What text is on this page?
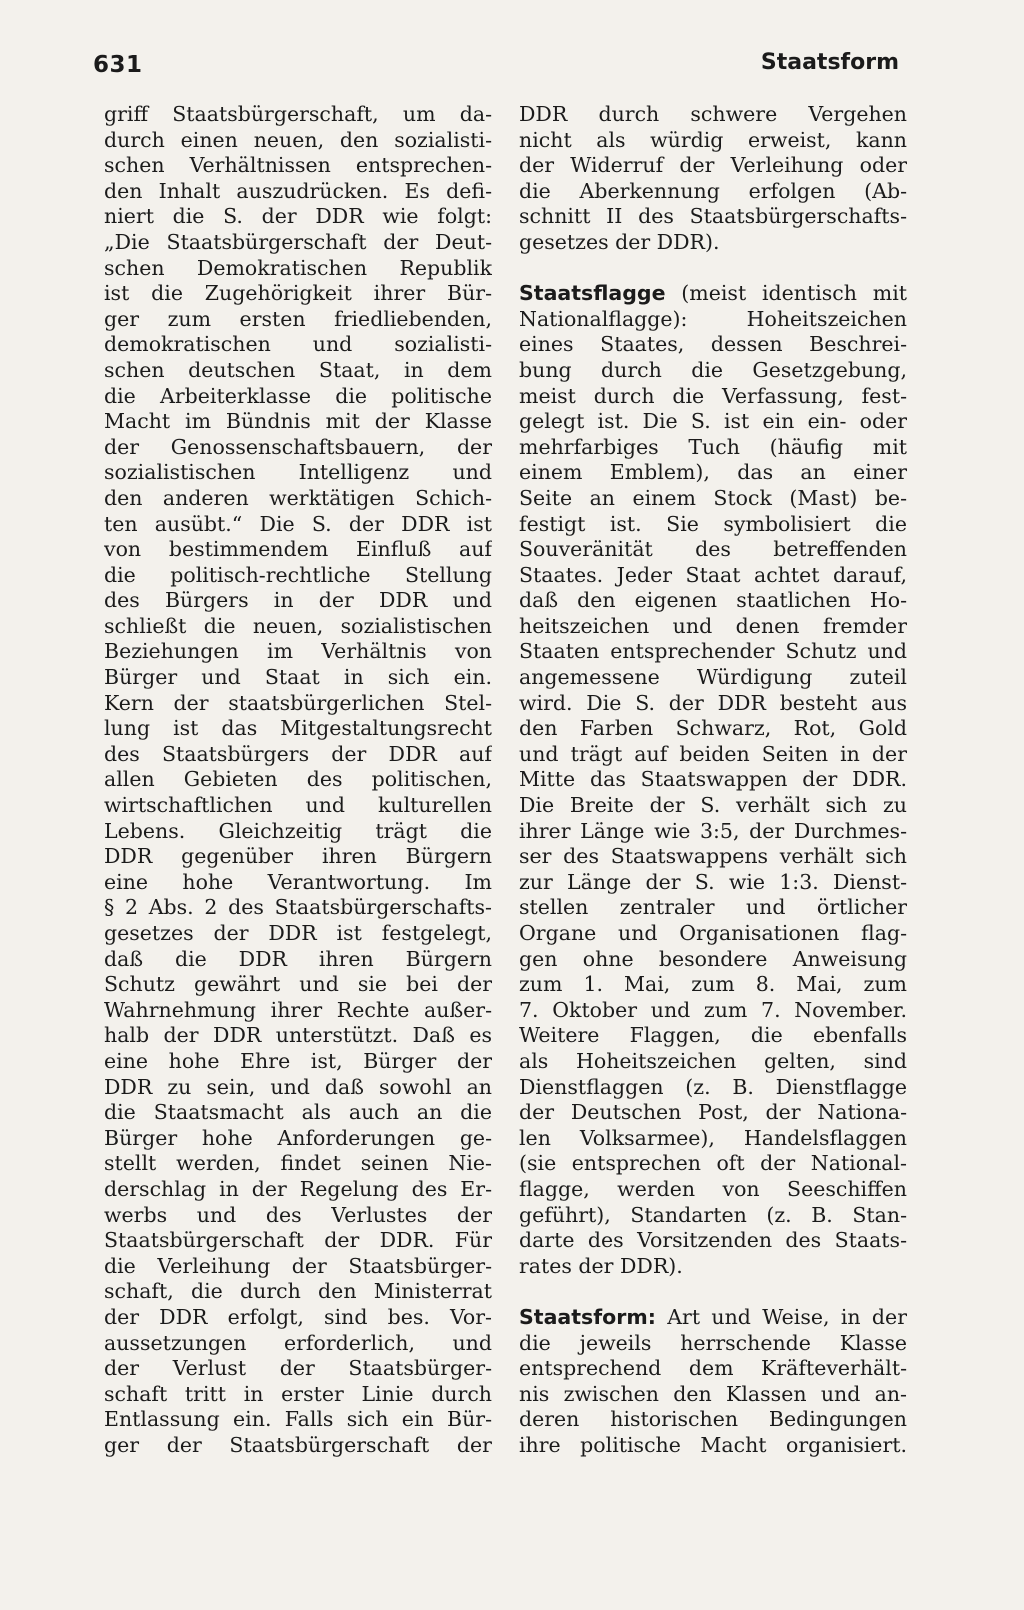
631	Staatsform
griff Staatsbürgerschaft, um da-
durch einen neuen, den sozialisti-
schen Verhältnissen entsprechen-
den Inhalt auszudrücken. Es defi-
niert die S. der DDR wie folgt:
„Die Staatsbürgerschaft der Deut-
schen Demokratischen Republik
ist die Zugehörigkeit ihrer Bür-
ger zum ersten friedliebenden,
demokratischen und sozialisti-
schen deutschen Staat, in dem
die Arbeiterklasse die politische
Macht im Bündnis mit der Klasse
der Genossenschaftsbauern, der
sozialistischen Intelligenz und
den anderen werktätigen Schich-
ten ausübt.“ Die S. der DDR ist
von bestimmendem Einfluß auf
die politisch-rechtliche Stellung
des Bürgers in der DDR und
schließt die neuen, sozialistischen
Beziehungen im Verhältnis von
Bürger und Staat in sich ein.
Kern der staatsbürgerlichen Stel-
lung ist das Mitgestaltungsrecht
des Staatsbürgers der DDR auf
allen Gebieten des politischen,
wirtschaftlichen und kulturellen
Lebens. Gleichzeitig trägt die
DDR gegenüber ihren Bürgern
eine hohe Verantwortung. Im
§ 2 Abs. 2 des Staatsbürgerschafts-
gesetzes der DDR ist festgelegt,
daß die DDR ihren Bürgern
Schutz gewährt und sie bei der
Wahrnehmung ihrer Rechte außer-
halb der DDR unterstützt. Daß es
eine hohe Ehre ist, Bürger der
DDR zu sein, und daß sowohl an
die Staatsmacht als auch an die
Bürger hohe Anforderungen ge-
stellt werden, findet seinen Nie-
derschlag in der Regelung des Er-
werbs und des Verlustes der
Staatsbürgerschaft der DDR. Für
die Verleihung der Staatsbürger-
schaft, die durch den Ministerrat
der DDR erfolgt, sind bes. Vor-
aussetzungen erforderlich, und
der Verlust der Staatsbürger-
schaft tritt in erster Linie durch
Entlassung ein. Falls sich ein Bür-
ger der Staatsbürgerschaft der
DDR durch schwere Vergehen
nicht als würdig erweist, kann
der Widerruf der Verleihung oder
die Aberkennung erfolgen (Ab-
schnitt II des Staatsbürgerschafts-
gesetzes der DDR).
Staatsflagge (meist identisch mit
Nationalflagge): Hoheitszeichen
eines Staates, dessen Beschrei-
bung durch die Gesetzgebung,
meist durch die Verfassung, fest-
gelegt ist. Die S. ist ein ein- oder
mehrfarbiges Tuch (häufig mit
einem Emblem), das an einer
Seite an einem Stock (Mast) be-
festigt ist. Sie symbolisiert die
Souveränität des betreffenden
Staates. Jeder Staat achtet darauf,
daß den eigenen staatlichen Ho-
heitszeichen und denen fremder
Staaten entsprechender Schutz und
angemessene Würdigung zuteil
wird. Die S. der DDR besteht aus
den Farben Schwarz, Rot, Gold
und trägt auf beiden Seiten in der
Mitte das Staatswappen der DDR.
Die Breite der S. verhält sich zu
ihrer Länge wie 3:5, der Durchmes-
ser des Staatswappens verhält sich
zur Länge der S. wie 1:3. Dienst-
stellen zentraler und örtlicher
Organe und Organisationen flag-
gen ohne besondere Anweisung
zum 1. Mai, zum 8. Mai, zum
7. Oktober und zum 7. November.
Weitere Flaggen, die ebenfalls
als Hoheitszeichen gelten, sind
Dienstflaggen (z. B. Dienstflagge
der Deutschen Post, der Nationa-
len Volksarmee), Handelsflaggen
(sie entsprechen oft der National-
flagge, werden von Seeschiffen
geführt), Standarten (z. B. Stan-
darte des Vorsitzenden des Staats-
rates der DDR).
Staatsform: Art und Weise, in der
die jeweils herrschende Klasse
entsprechend dem Kräfteverhält-
nis zwischen den Klassen und an-
deren historischen Bedingungen
ihre politische Macht organisiert.
